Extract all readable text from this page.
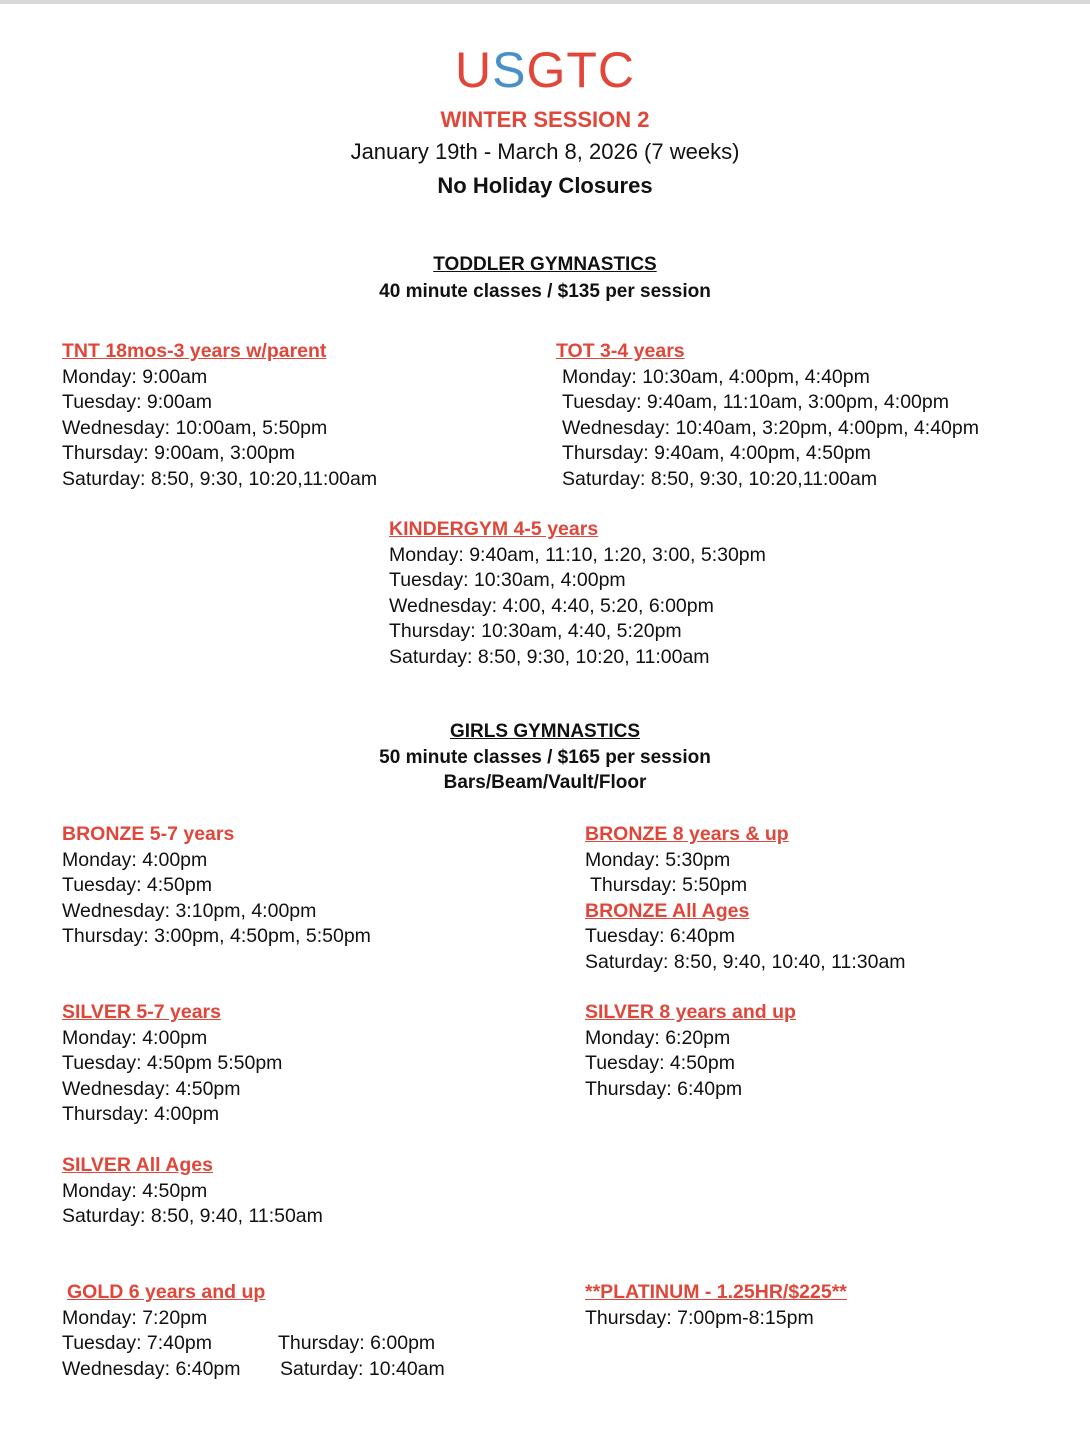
USGTC
WINTER SESSION 2
January 19th - March 8, 2026 (7 weeks)
No Holiday Closures
TODDLER GYMNASTICS
40 minute classes / $135 per session
TNT 18mos-3 years w/parent
Monday: 9:00am
Tuesday: 9:00am
Wednesday: 10:00am, 5:50pm
Thursday: 9:00am, 3:00pm
Saturday: 8:50, 9:30, 10:20,11:00am
TOT 3-4 years
Monday: 10:30am, 4:00pm, 4:40pm
Tuesday: 9:40am, 11:10am, 3:00pm, 4:00pm
Wednesday: 10:40am, 3:20pm, 4:00pm, 4:40pm
Thursday: 9:40am, 4:00pm, 4:50pm
Saturday: 8:50, 9:30, 10:20,11:00am
KINDERGYM 4-5 years
Monday: 9:40am, 11:10, 1:20, 3:00, 5:30pm
Tuesday: 10:30am, 4:00pm
Wednesday: 4:00, 4:40, 5:20, 6:00pm
Thursday: 10:30am, 4:40, 5:20pm
Saturday: 8:50, 9:30, 10:20, 11:00am
GIRLS GYMNASTICS
50 minute classes / $165 per session
Bars/Beam/Vault/Floor
BRONZE 5-7 years
Monday: 4:00pm
Tuesday: 4:50pm
Wednesday: 3:10pm, 4:00pm
Thursday: 3:00pm, 4:50pm, 5:50pm
BRONZE 8 years & up
Monday: 5:30pm
Thursday: 5:50pm
BRONZE All Ages
Tuesday: 6:40pm
Saturday: 8:50, 9:40, 10:40, 11:30am
SILVER 5-7 years
Monday: 4:00pm
Tuesday: 4:50pm 5:50pm
Wednesday: 4:50pm
Thursday: 4:00pm
SILVER 8 years and up
Monday: 6:20pm
Tuesday: 4:50pm
Thursday: 6:40pm
SILVER All Ages
Monday: 4:50pm
Saturday: 8:50, 9:40, 11:50am
GOLD 6 years and up
Monday: 7:20pm
Tuesday: 7:40pm	Thursday: 6:00pm
Wednesday: 6:40pm Saturday: 10:40am
**PLATINUM - 1.25HR/$225**
Thursday: 7:00pm-8:15pm
